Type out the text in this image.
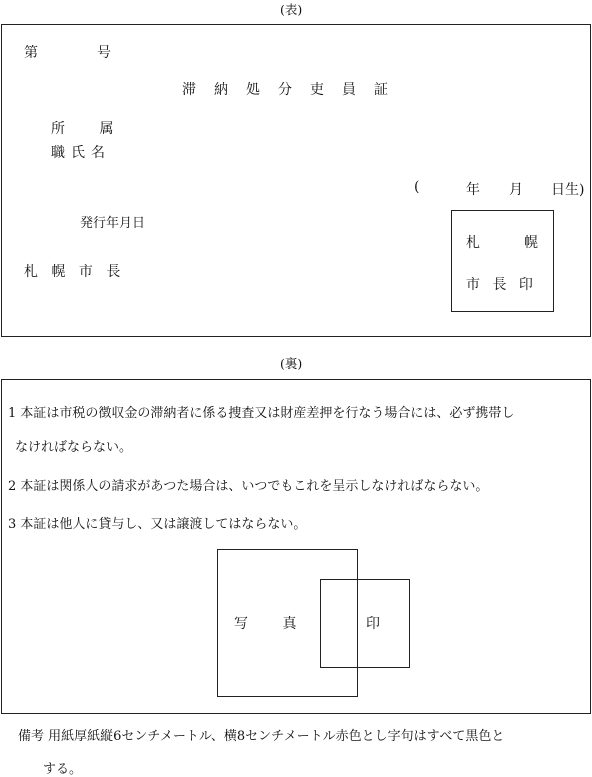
(表)
第	号
滞納処分吏員証
所 属
職氏名
(	年 月 日生)
発行年月日
札 幌 市 長
札	幌
市 長 印
(裏)
1 本証は市税の徴収金の滞納者に係る捜査又は財産差押を行なう場合には、必ず携帯し
なければならない。
2 本証は関係人の請求があつた場合は、いつでもこれを呈示しなければならない。
3 本証は他人に貸与し、又は譲渡してはならない。
写 真	印
備考 用紙厚紙縦6センチメートル、横8センチメートル赤色とし字句はすべて黒色と
する。
